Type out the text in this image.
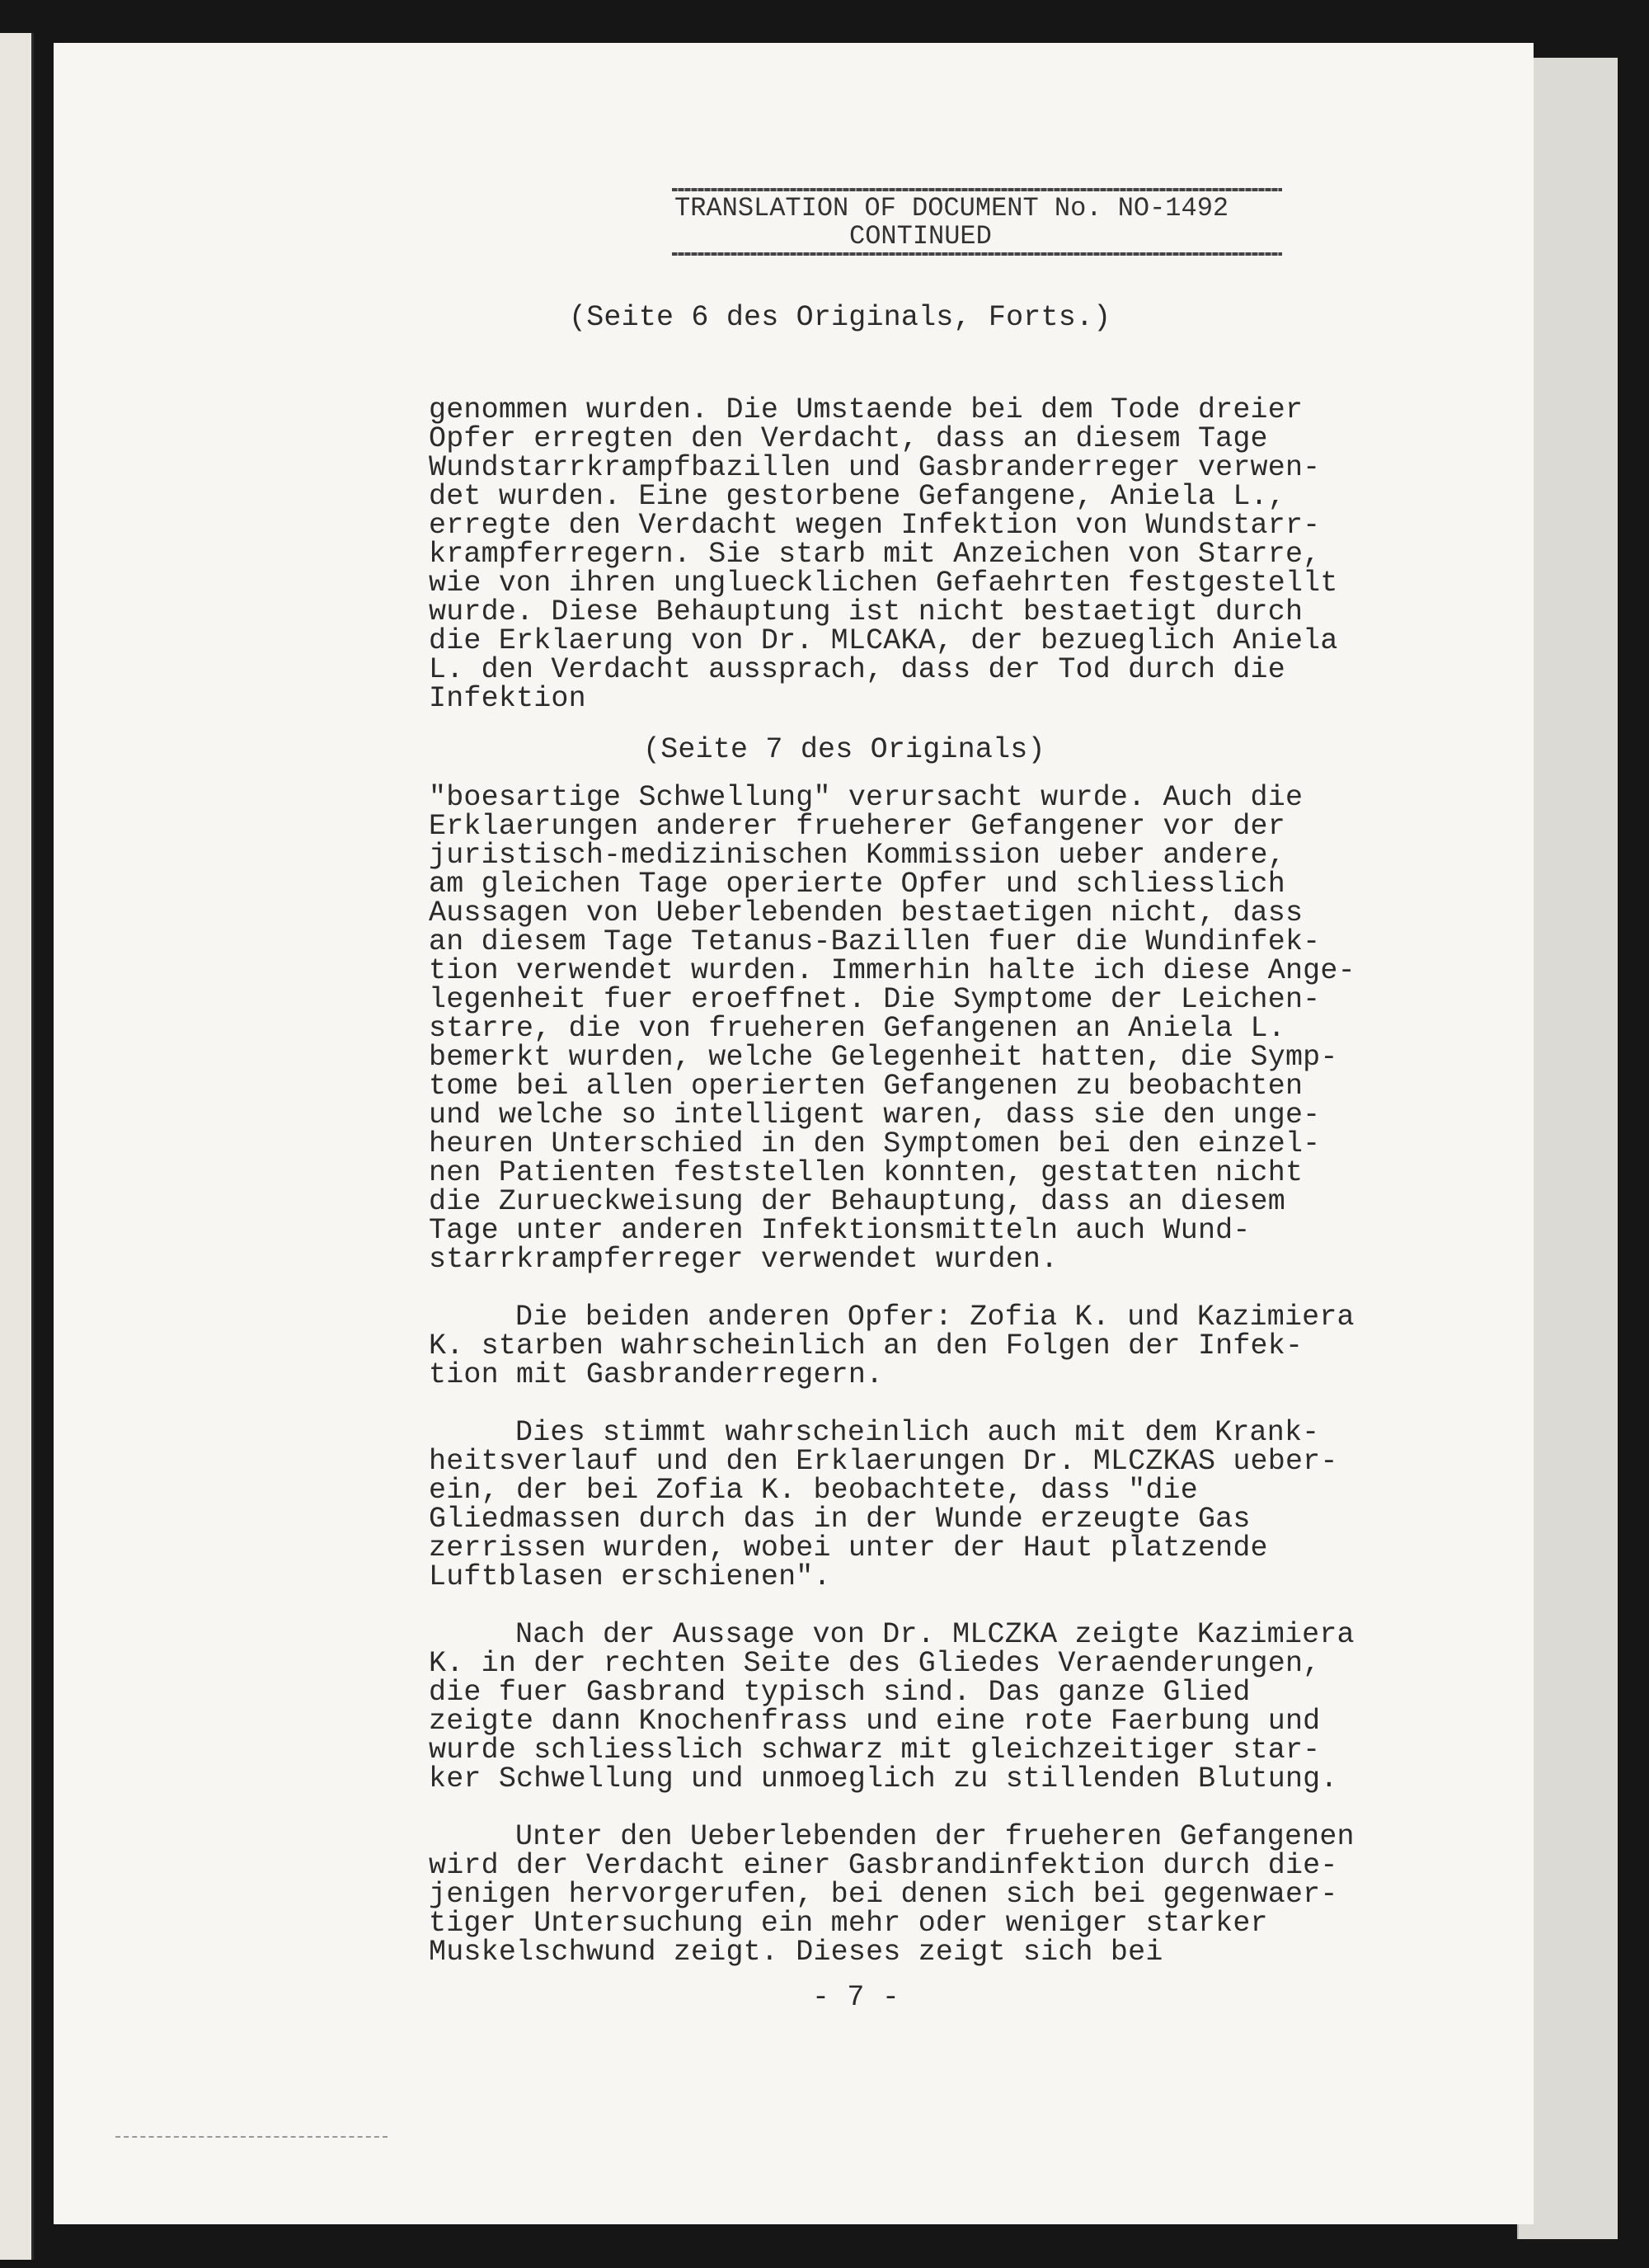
TRANSLATION OF DOCUMENT No. NO-1492
CONTINUED
(Seite 6 des Originals, Forts.)
genommen wurden. Die Umstaende bei dem Tode dreier
Opfer erregten den Verdacht, dass an diesem Tage
Wundstarrkrampfbazillen und Gasbranderreger verwen-
det wurden. Eine gestorbene Gefangene, Aniela L.,
erregte den Verdacht wegen Infektion von Wundstarr-
krampferregern. Sie starb mit Anzeichen von Starre,
wie von ihren ungluecklichen Gefaehrten festgestellt
wurde. Diese Behauptung ist nicht bestaetigt durch
die Erklaerung von Dr. MLCAKA, der bezueglich Aniela
L. den Verdacht aussprach, dass der Tod durch die
Infektion
(Seite 7 des Originals)
"boesartige Schwellung" verursacht wurde. Auch die
Erklaerungen anderer frueherer Gefangener vor der
juristisch-medizinischen Kommission ueber andere,
am gleichen Tage operierte Opfer und schliesslich
Aussagen von Ueberlebenden bestaetigen nicht, dass
an diesem Tage Tetanus-Bazillen fuer die Wundinfek-
tion verwendet wurden. Immerhin halte ich diese Ange-
legenheit fuer eroeffnet. Die Symptome der Leichen-
starre, die von frueheren Gefangenen an Aniela L.
bemerkt wurden, welche Gelegenheit hatten, die Symp-
tome bei allen operierten Gefangenen zu beobachten
und welche so intelligent waren, dass sie den unge-
heuren Unterschied in den Symptomen bei den einzel-
nen Patienten feststellen konnten, gestatten nicht
die Zurueckweisung der Behauptung, dass an diesem
Tage unter anderen Infektionsmitteln auch Wund-
starrkrampferreger verwendet wurden.
Die beiden anderen Opfer: Zofia K. und Kazimiera
K. starben wahrscheinlich an den Folgen der Infek-
tion mit Gasbranderregern.
Dies stimmt wahrscheinlich auch mit dem Krank-
heitsverlauf und den Erklaerungen Dr. MLCZKAS ueber-
ein, der bei Zofia K. beobachtete, dass "die
Gliedmassen durch das in der Wunde erzeugte Gas
zerrissen wurden, wobei unter der Haut platzende
Luftblasen erschienen".
Nach der Aussage von Dr. MLCZKA zeigte Kazimiera
K. in der rechten Seite des Gliedes Veraenderungen,
die fuer Gasbrand typisch sind. Das ganze Glied
zeigte dann Knochenfrass und eine rote Faerbung und
wurde schliesslich schwarz mit gleichzeitiger star-
ker Schwellung und unmoeglich zu stillenden Blutung.
Unter den Ueberlebenden der frueheren Gefangenen
wird der Verdacht einer Gasbrandinfektion durch die-
jenigen hervorgerufen, bei denen sich bei gegenwaer-
tiger Untersuchung ein mehr oder weniger starker
Muskelschwund zeigt. Dieses zeigt sich bei
- 7 -
